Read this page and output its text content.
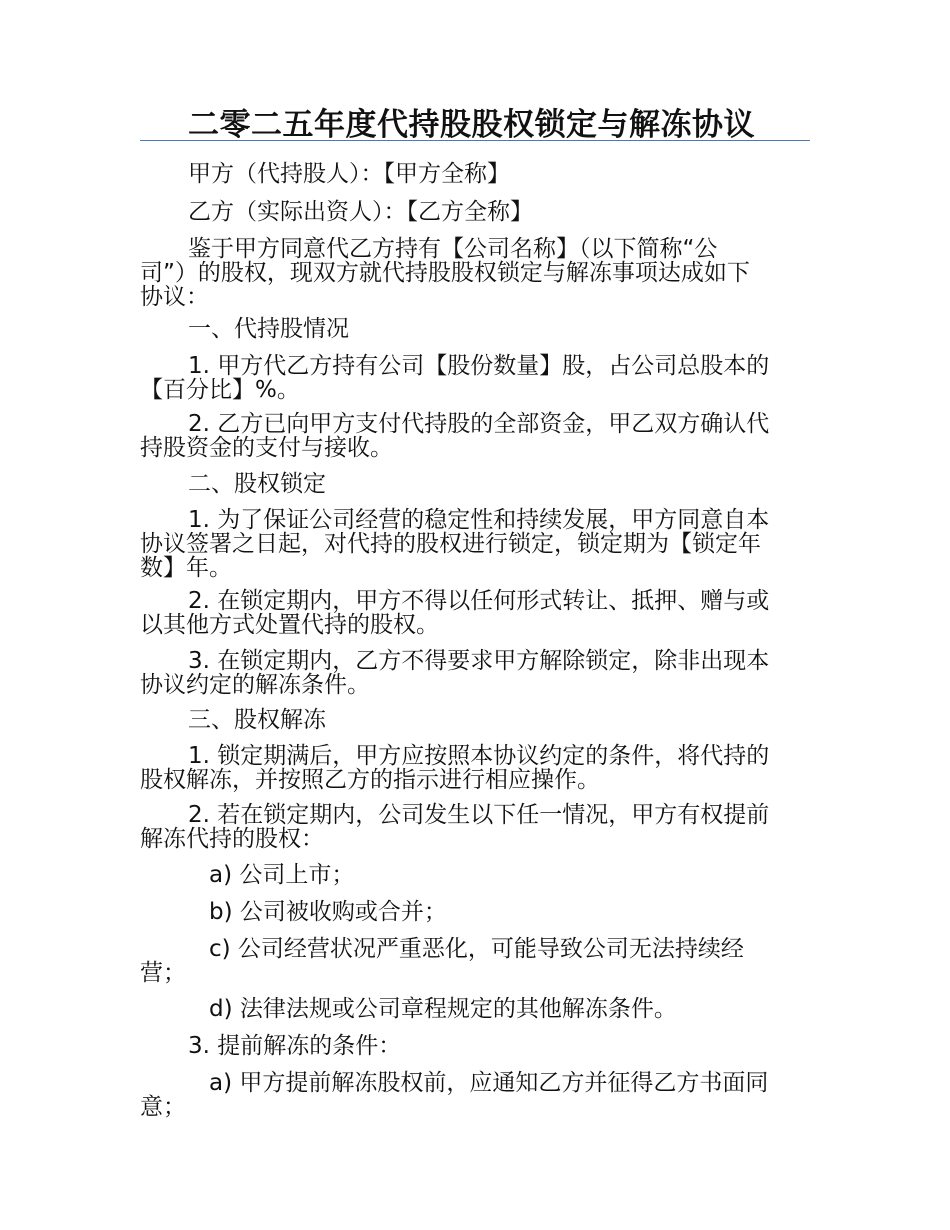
二零二五年度代持股股权锁定与解冻协议

甲方（代持股人）：【甲方全称】

乙方（实际出资人）：【乙方全称】

鉴于甲方同意代乙方持有【公司名称】（以下简称“公
司”）的股权，现双方就代持股股权锁定与解冻事项达成如下
协议：

一、代持股情况

1. 甲方代乙方持有公司【股份数量】股，占公司总股本的
【百分比】%。

2. 乙方已向甲方支付代持股的全部资金，甲乙双方确认代
持股资金的支付与接收。

二、股权锁定

1. 为了保证公司经营的稳定性和持续发展，甲方同意自本
协议签署之日起，对代持的股权进行锁定，锁定期为【锁定年
数】年。

2. 在锁定期内，甲方不得以任何形式转让、抵押、赠与或
以其他方式处置代持的股权。

3. 在锁定期内，乙方不得要求甲方解除锁定，除非出现本
协议约定的解冻条件。

三、股权解冻

1. 锁定期满后，甲方应按照本协议约定的条件，将代持的
股权解冻，并按照乙方的指示进行相应操作。

2. 若在锁定期内，公司发生以下任一情况，甲方有权提前
解冻代持的股权：

a) 公司上市；

b) 公司被收购或合并；

c) 公司经营状况严重恶化，可能导致公司无法持续经
营；

d) 法律法规或公司章程规定的其他解冻条件。

3. 提前解冻的条件：

a) 甲方提前解冻股权前，应通知乙方并征得乙方书面同
意；
